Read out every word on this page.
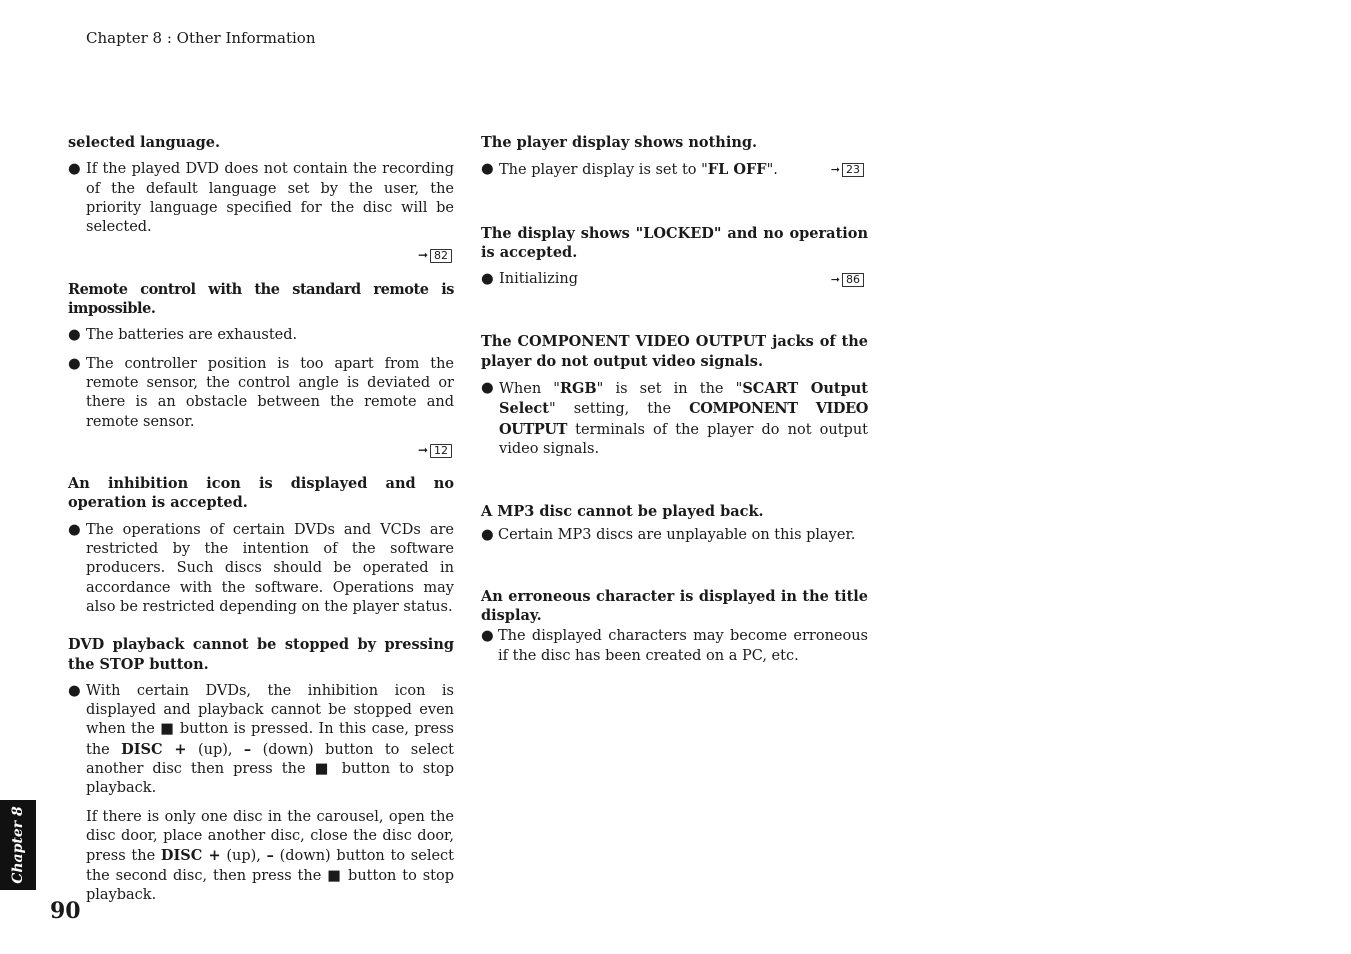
Chapter 8 : Other Information

selected language.

● If the played DVD does not contain the recording of the default language set by the user, the priority language specified for the disc will be selected.
➞ 82

Remote control with the standard remote is impossible.

● The batteries are exhausted.
● The controller position is too apart from the remote sensor, the control angle is deviated or there is an obstacle between the remote and remote sensor.
➞ 12

An inhibition icon is displayed and no operation is accepted.

● The operations of certain DVDs and VCDs are restricted by the intention of the software producers. Such discs should be operated in accordance with the software. Operations may also be restricted depending on the player status.

DVD playback cannot be stopped by pressing the STOP button.

● With certain DVDs, the inhibition icon is displayed and playback cannot be stopped even when the ■ button is pressed. In this case, press the DISC + (up), – (down) button to select another disc then press the ■ button to stop playback.
If there is only one disc in the carousel, open the disc door, place another disc, close the disc door, press the DISC + (up), – (down) button to select the second disc, then press the ■ button to stop playback.

The player display shows nothing.

● The player display is set to "FL OFF".	➞ 23

The display shows "LOCKED" and no operation is accepted.

● Initializing	➞ 86

The COMPONENT VIDEO OUTPUT jacks of the player do not output video signals.

● When "RGB" is set in the "SCART Output Select" setting, the COMPONENT VIDEO OUTPUT terminals of the player do not output video signals.

A MP3 disc cannot be played back.

● Certain MP3 discs are unplayable on this player.

An erroneous character is displayed in the title display.

● The displayed characters may become erroneous if the disc has been created on a PC, etc.
Chapter 8
90
